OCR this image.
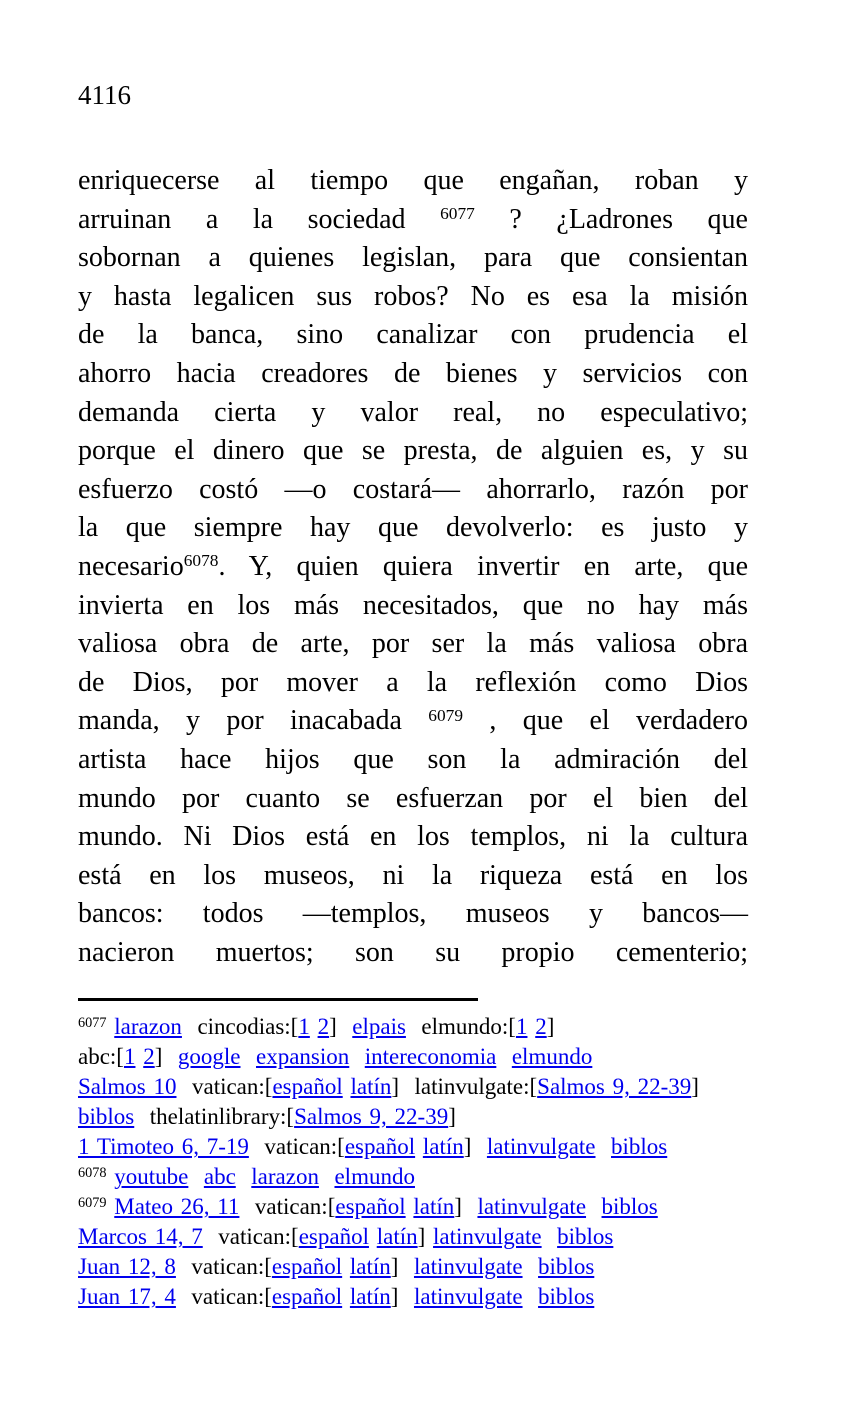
4116
enriquecerse al tiempo que engañan, roban y
arruinan a la sociedad $^{6077}$ ? ¿Ladrones que
sobornan a quienes legislan, para que consientan
y hasta legalicen sus robos? No es esa la misión
de la banca, sino canalizar con prudencia el
ahorro hacia creadores de bienes y servicios con
demanda cierta y valor real, no especulativo;
porque el dinero que se presta, de alguien es, y su
esfuerzo costó —o costará— ahorrarlo, razón por
la que siempre hay que devolverlo: es justo y
necesario$^{6078}$. Y, quien quiera invertir en arte, que
invierta en los más necesitados, que no hay más
valiosa obra de arte, por ser la más valiosa obra
de Dios, por mover a la reflexión como Dios
manda, y por inacabada $^{6079}$ , que el verdadero
artista hace hijos que son la admiración del
mundo por cuanto se esfuerzan por el bien del
mundo. Ni Dios está en los templos, ni la cultura
está en los museos, ni la riqueza está en los
bancos: todos —templos, museos y bancos—
nacieron muertos; son su propio cementerio;
$^{6077}$ larazon  cincodias:[1 2]  elpais  elmundo:[1 2]
abc:[1 2]  google expansion intereconomia elmundo
Salmos 10  vatican:[español latín]  latinvulgate:[Salmos 9, 22-39]
biblos  thelatinlibrary:[Salmos 9, 22-39]
1 Timoteo 6, 7-19  vatican:[español latín]  latinvulgate biblos
$^{6078}$ youtube abc larazon elmundo
$^{6079}$ Mateo 26, 11  vatican:[español latín]  latinvulgate biblos
Marcos 14, 7  vatican:[español latín] latinvulgate biblos
Juan 12, 8  vatican:[español latín]  latinvulgate biblos
Juan 17, 4  vatican:[español latín]  latinvulgate biblos
